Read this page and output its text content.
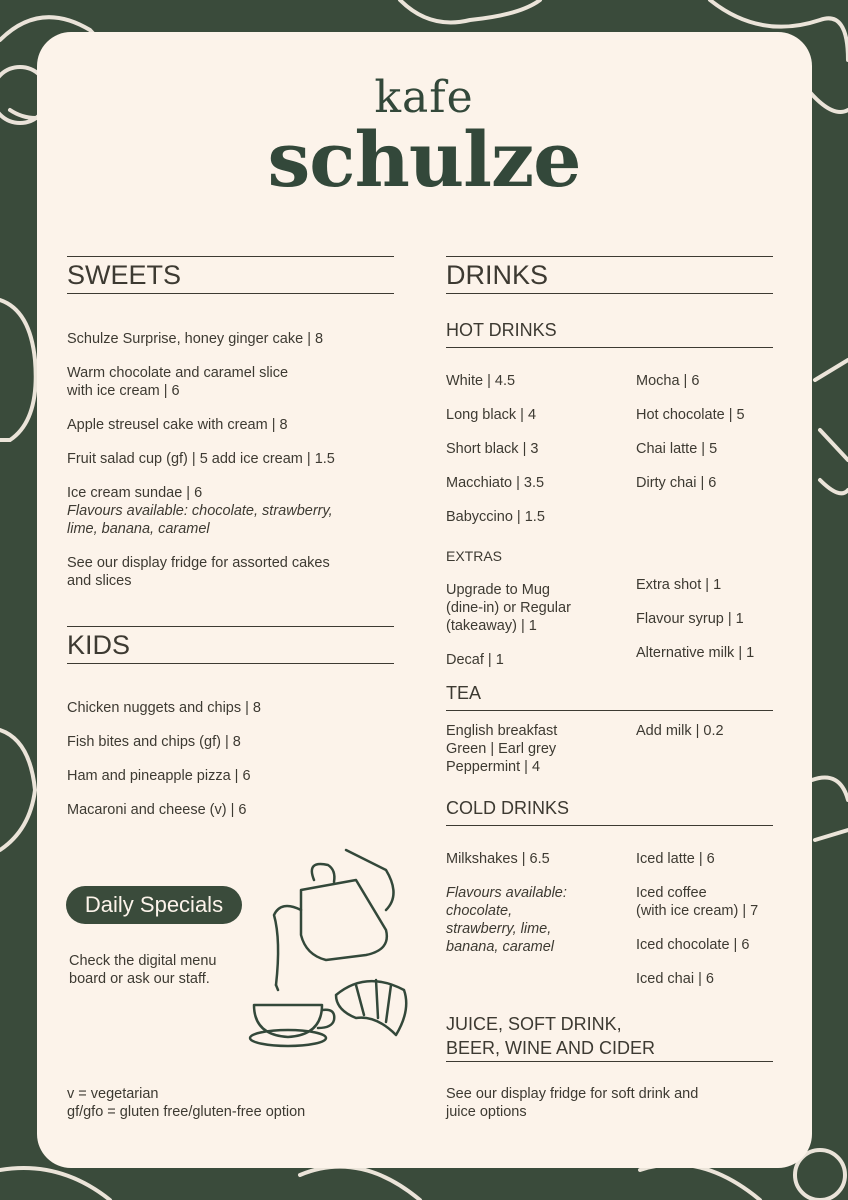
kafe
schulze
SWEETS
Schulze Surprise, honey ginger cake | 8
Warm chocolate and caramel slice
with ice cream | 6
Apple streusel cake with cream | 8
Fruit salad cup (gf) | 5 add ice cream | 1.5
Ice cream sundae | 6
Flavours available: chocolate, strawberry,
lime, banana, caramel
See our display fridge for assorted cakes
and slices
KIDS
Chicken nuggets and chips | 8
Fish bites and chips (gf) | 8
Ham and pineapple pizza | 6
Macaroni and cheese (v) | 6
Daily Specials
Check the digital menu
board or ask our staff.
v = vegetarian
gf/gfo = gluten free/gluten-free option
DRINKS
HOT DRINKS
White | 4.5
Long black | 4
Short black | 3
Macchiato | 3.5
Babyccino | 1.5
Mocha | 6
Hot chocolate | 5
Chai latte | 5
Dirty chai | 6
EXTRAS
Upgrade to Mug
(dine-in) or Regular
(takeaway) | 1
Decaf | 1
Extra shot | 1
Flavour syrup | 1
Alternative milk | 1
TEA
English breakfast
Green | Earl grey
Peppermint | 4
Add milk | 0.2
COLD DRINKS
Milkshakes | 6.5
Flavours available:
chocolate,
strawberry, lime,
banana, caramel
Iced latte | 6
Iced coffee
(with ice cream) | 7
Iced chocolate | 6
Iced chai | 6
JUICE, SOFT DRINK,
BEER, WINE AND CIDER
See our display fridge for soft drink and
juice options
